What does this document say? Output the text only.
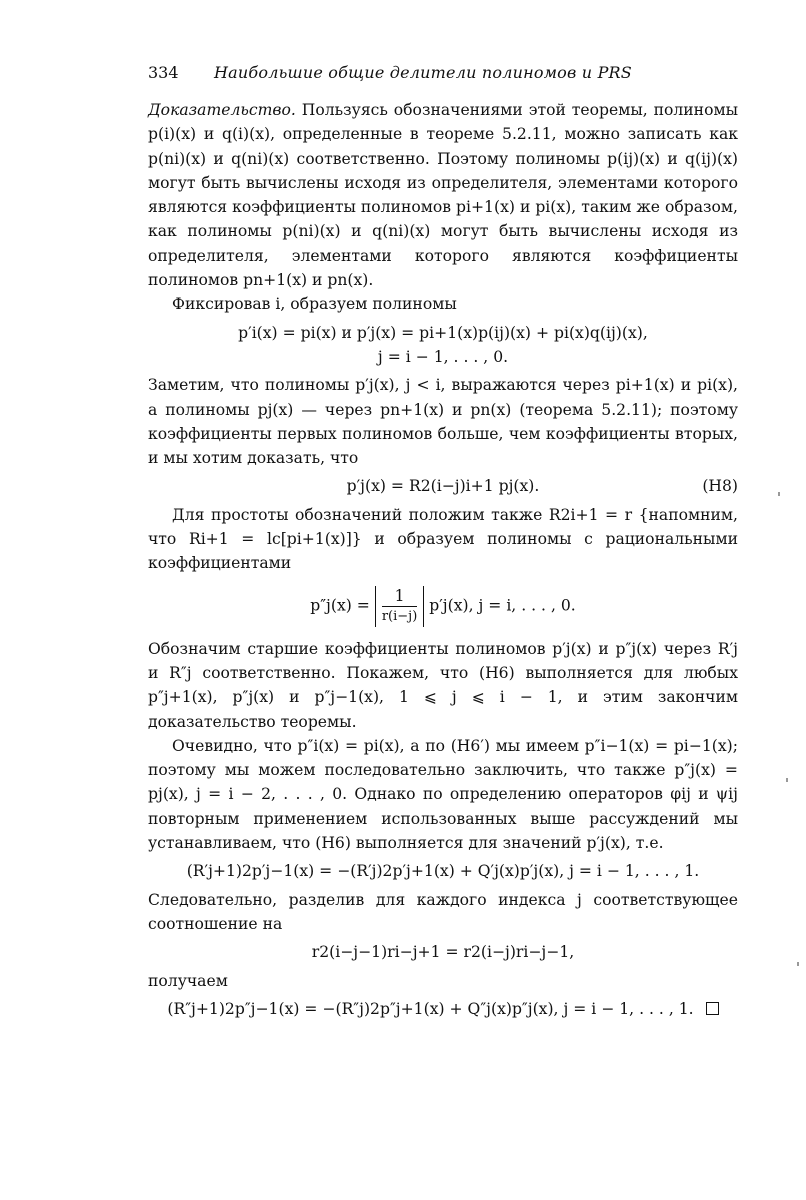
334 Наибольшие общие делители полиномов и PRS

Доказательство. Пользуясь обозначениями этой теоремы, полиномы p(i)(x) и q(i)(x), определенные в теореме 5.2.11, можно записать как p(ni)(x) и q(ni)(x) соответственно. Поэтому полиномы p(ij)(x) и q(ij)(x) могут быть вычислены исходя из определителя, элементами которого являются коэффициенты полиномов pi+1(x) и pi(x), таким же образом, как полиномы p(ni)(x) и q(ni)(x) могут быть вычислены исходя из определителя, элементами которого являются коэффициенты полиномов pn+1(x) и pn(x).

Фиксировав i, образуем полиномы

p′i(x) = pi(x) и p′j(x) = pi+1(x)p(ij)(x) + pi(x)q(ij)(x),
j = i − 1, . . . , 0.

Заметим, что полиномы p′j(x), j < i, выражаются через pi+1(x) и pi(x), а полиномы pj(x) — через pn+1(x) и pn(x) (теорема 5.2.11); поэтому коэффициенты первых полиномов больше, чем коэффициенты вторых, и мы хотим доказать, что

p′j(x) = R2(i−j)i+1 pj(x).	(H8)

Для простоты обозначений положим также R2i+1 = r {напомним, что Ri+1 = lc[pi+1(x)]} и образуем полиномы с рациональными коэффициентами

$p''j(x) = \frac{1}{r(i-j)} p'j(x)$, j = i, . . . , 0.

Обозначим старшие коэффициенты полиномов p′j(x) и p″j(x) через R′j и R″j соответственно. Покажем, что (H6) выполняется для любых p″j+1(x), p″j(x) и p″j−1(x), 1 ⩽ j ⩽ i − 1, и этим закончим доказательство теоремы.

Очевидно, что p″i(x) = pi(x), а по (H6′) мы имеем p″i−1(x) = pi−1(x); поэтому мы можем последовательно заключить, что также p″j(x) = pj(x), j = i − 2, . . . , 0. Однако по определению операторов φij и ψij повторным применением использованных выше рассуждений мы устанавливаем, что (H6) выполняется для значений p′j(x), т.е.

(R′j+1)2p′j−1(x) = −(R′j)2p′j+1(x) + Q′j(x)p′j(x), j = i − 1, . . . , 1.

Следовательно, разделив для каждого индекса j соответствующее соотношение на

r2(i−j−1)ri−j+1 = r2(i−j)ri−j−1,

получаем

(R″j+1)2p″j−1(x) = −(R″j)2p″j+1(x) + Q″j(x)p″j(x), j = i − 1, . . . , 1.
